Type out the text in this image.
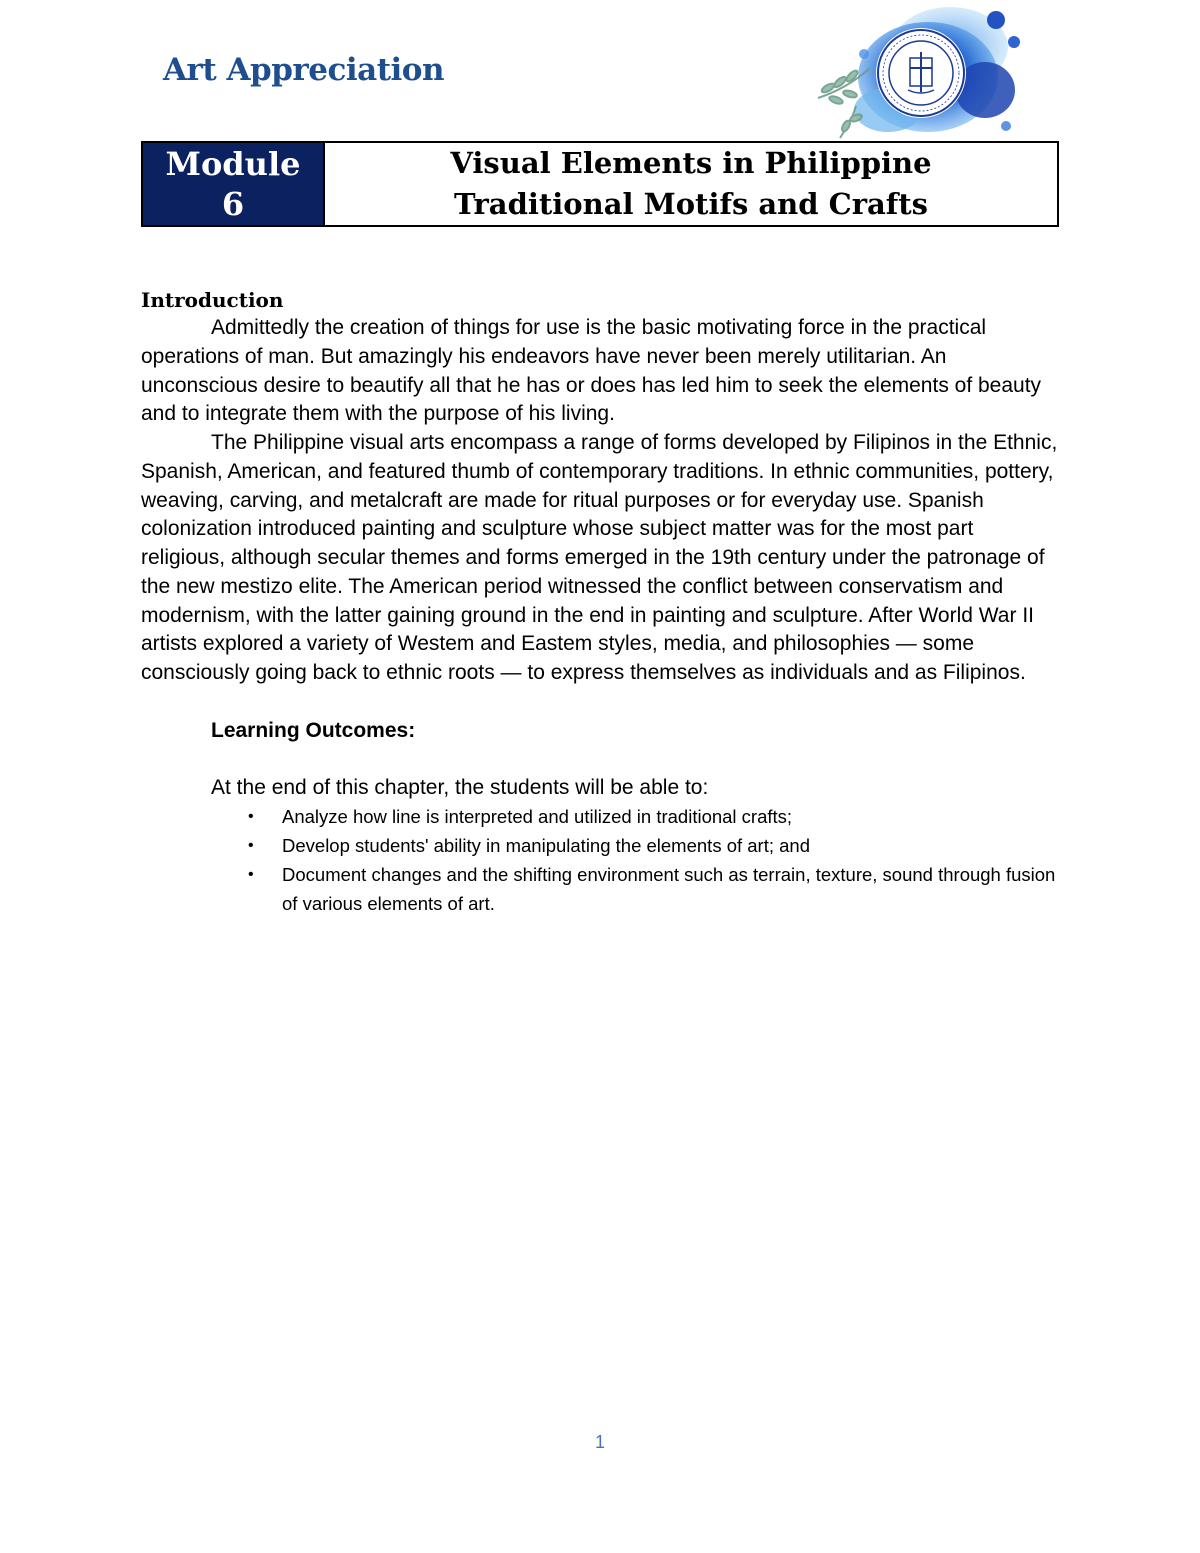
Art Appreciation
Module
6
Visual Elements in Philippine
Traditional Motifs and Crafts
Introduction

Admittedly the creation of things for use is the basic motivating force in the practical operations of man. But amazingly his endeavors have never been merely utilitarian. An unconscious desire to beautify all that he has or does has led him to seek the elements of beauty and to integrate them with the purpose of his living.

The Philippine visual arts encompass a range of forms developed by Filipinos in the Ethnic, Spanish, American, and featured thumb of contemporary traditions. In ethnic communities, pottery, weaving, carving, and metalcraft are made for ritual purposes or for everyday use. Spanish colonization introduced painting and sculpture whose subject matter was for the most part religious, although secular themes and forms emerged in the 19th century under the patronage of the new mestizo elite. The American period witnessed the conflict between conservatism and modernism, with the latter gaining ground in the end in painting and sculpture. After World War II artists explored a variety of Westem and Eastem styles, media, and philosophies — some consciously going back to ethnic roots — to express themselves as individuals and as Filipinos.

Learning Outcomes:

At the end of this chapter, the students will be able to:

• Analyze how line is interpreted and utilized in traditional crafts;
• Develop students' ability in manipulating the elements of art; and
• Document changes and the shifting environment such as terrain, texture, sound through fusion of various elements of art.
1
